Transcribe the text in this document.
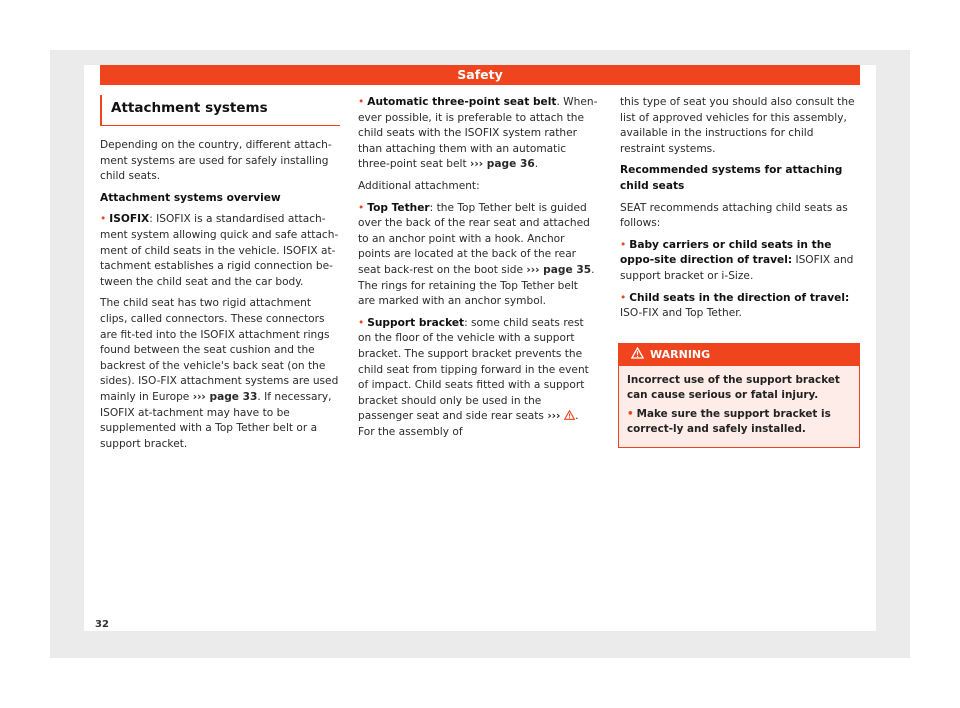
Safety
Attachment systems

Depending on the country, different attach-ment systems are used for safely installing child seats.

Attachment systems overview

• ISOFIX: ISOFIX is a standardised attach-ment system allowing quick and safe attach-ment of child seats in the vehicle. ISOFIX at-tachment establishes a rigid connection be-tween the child seat and the car body.

The child seat has two rigid attachment clips, called connectors. These connectors are fit-ted into the ISOFIX attachment rings found between the seat cushion and the backrest of the vehicle's back seat (on the sides). ISO-FIX attachment systems are used mainly in Europe ››› page 33. If necessary, ISOFIX at-tachment may have to be supplemented with a Top Tether belt or a support bracket.

• Automatic three-point seat belt. When-ever possible, it is preferable to attach the child seats with the ISOFIX system rather than attaching them with an automatic three-point seat belt ››› page 36.

Additional attachment:

• Top Tether: the Top Tether belt is guided over the back of the rear seat and attached to an anchor point with a hook. Anchor points are located at the back of the rear seat back-rest on the boot side ››› page 35. The rings for retaining the Top Tether belt are marked with an anchor symbol.

• Support bracket: some child seats rest on the floor of the vehicle with a support bracket. The support bracket prevents the child seat from tipping forward in the event of impact. Child seats fitted with a support bracket should only be used in the passenger seat and side rear seats ››› . For the assembly of

this type of seat you should also consult the list of approved vehicles for this assembly, available in the instructions for child restraint systems.

Recommended systems for attaching child seats

SEAT recommends attaching child seats as follows:

• Baby carriers or child seats in the oppo-site direction of travel: ISOFIX and support bracket or i-Size.

• Child seats in the direction of travel: ISO-FIX and Top Tether.

WARNING

Incorrect use of the support bracket can cause serious or fatal injury.

• Make sure the support bracket is correct-ly and safely installed.

32
